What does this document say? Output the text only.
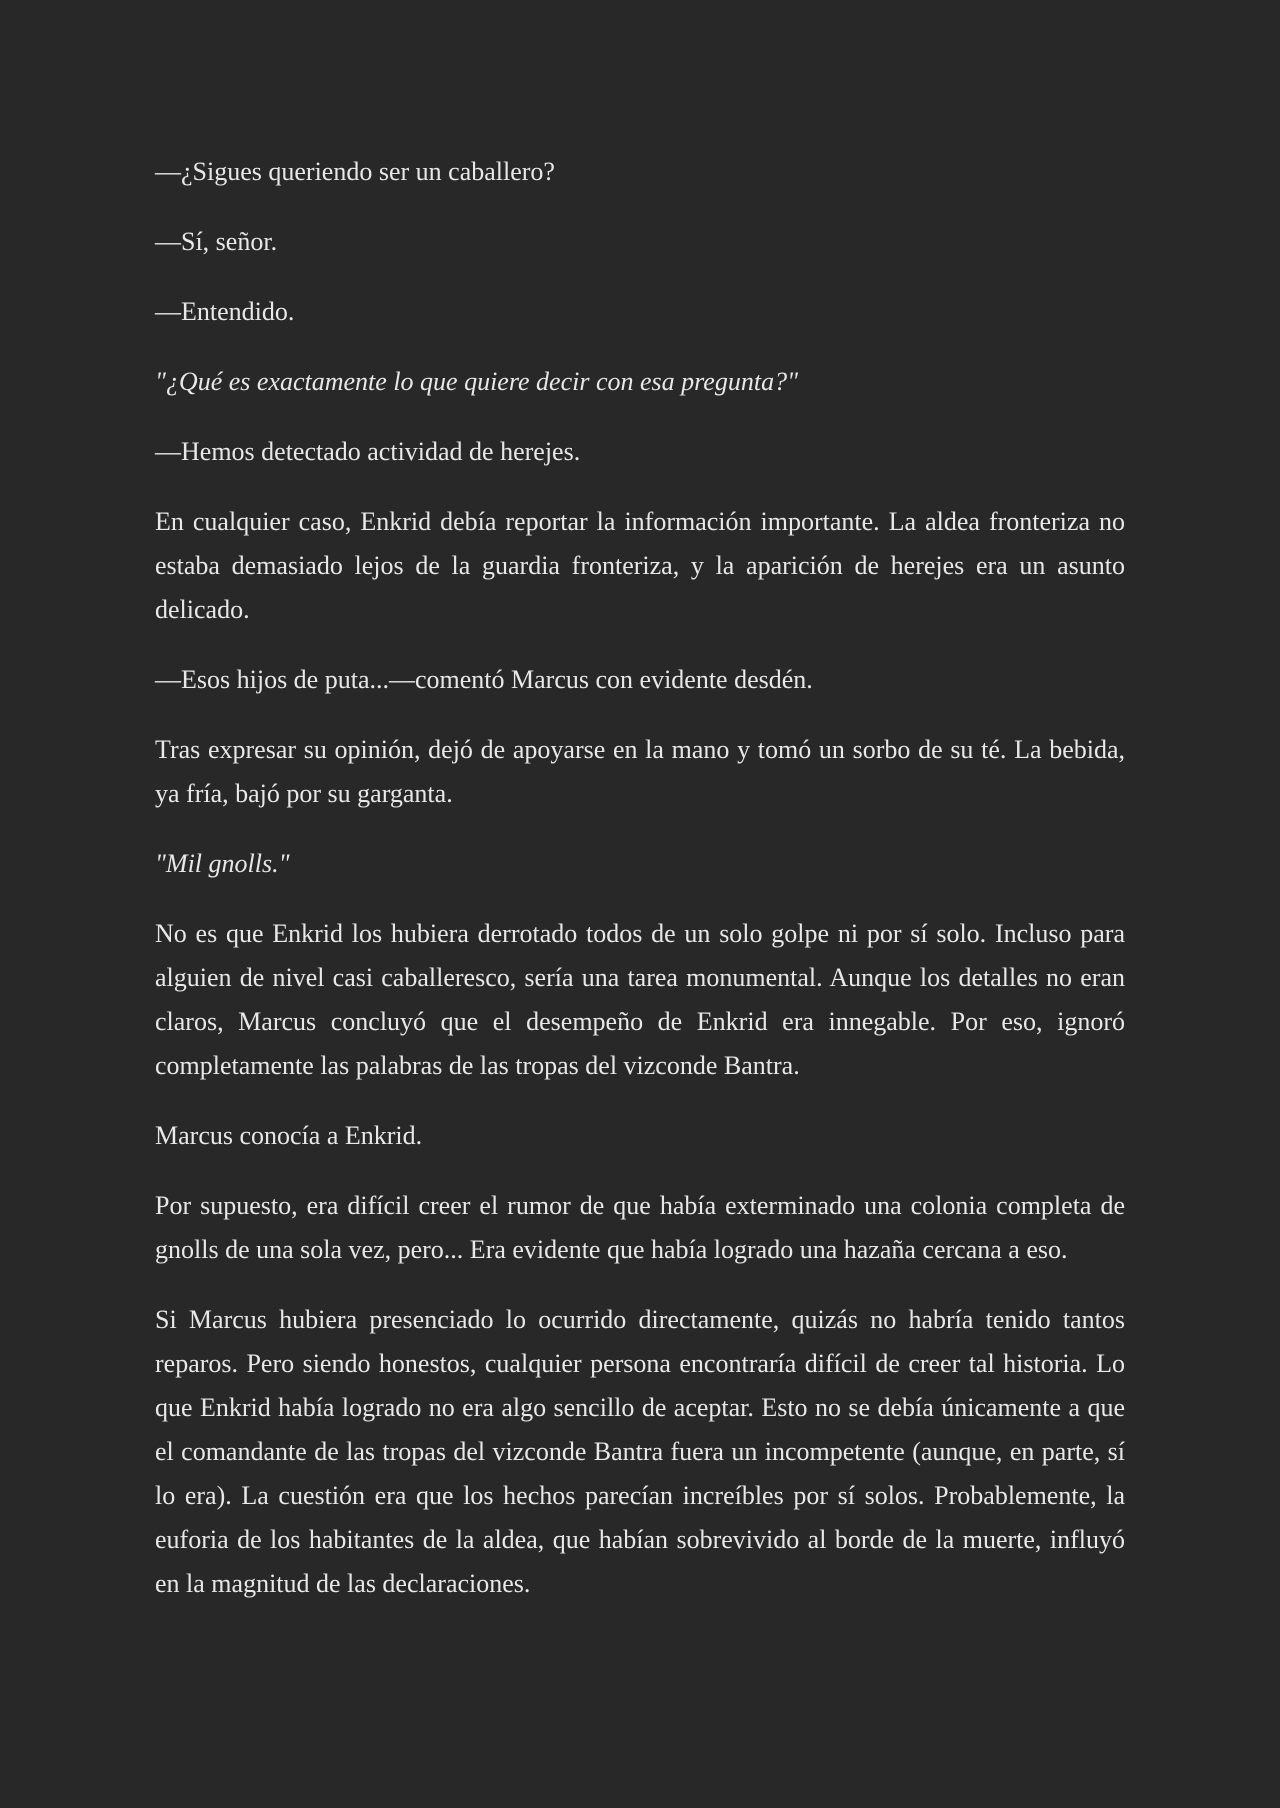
—¿Sigues queriendo ser un caballero?

—Sí, señor.

—Entendido.

"¿Qué es exactamente lo que quiere decir con esa pregunta?"

—Hemos detectado actividad de herejes.

En cualquier caso, Enkrid debía reportar la información importante. La aldea fronteriza no estaba demasiado lejos de la guardia fronteriza, y la aparición de herejes era un asunto delicado.

—Esos hijos de puta...—comentó Marcus con evidente desdén.

Tras expresar su opinión, dejó de apoyarse en la mano y tomó un sorbo de su té. La bebida, ya fría, bajó por su garganta.

"Mil gnolls."

No es que Enkrid los hubiera derrotado todos de un solo golpe ni por sí solo. Incluso para alguien de nivel casi caballeresco, sería una tarea monumental. Aunque los detalles no eran claros, Marcus concluyó que el desempeño de Enkrid era innegable. Por eso, ignoró completamente las palabras de las tropas del vizconde Bantra.

Marcus conocía a Enkrid.

Por supuesto, era difícil creer el rumor de que había exterminado una colonia completa de gnolls de una sola vez, pero... Era evidente que había logrado una hazaña cercana a eso.

Si Marcus hubiera presenciado lo ocurrido directamente, quizás no habría tenido tantos reparos. Pero siendo honestos, cualquier persona encontraría difícil de creer tal historia. Lo que Enkrid había logrado no era algo sencillo de aceptar. Esto no se debía únicamente a que el comandante de las tropas del vizconde Bantra fuera un incompetente (aunque, en parte, sí lo era). La cuestión era que los hechos parecían increíbles por sí solos. Probablemente, la euforia de los habitantes de la aldea, que habían sobrevivido al borde de la muerte, influyó en la magnitud de las declaraciones.
